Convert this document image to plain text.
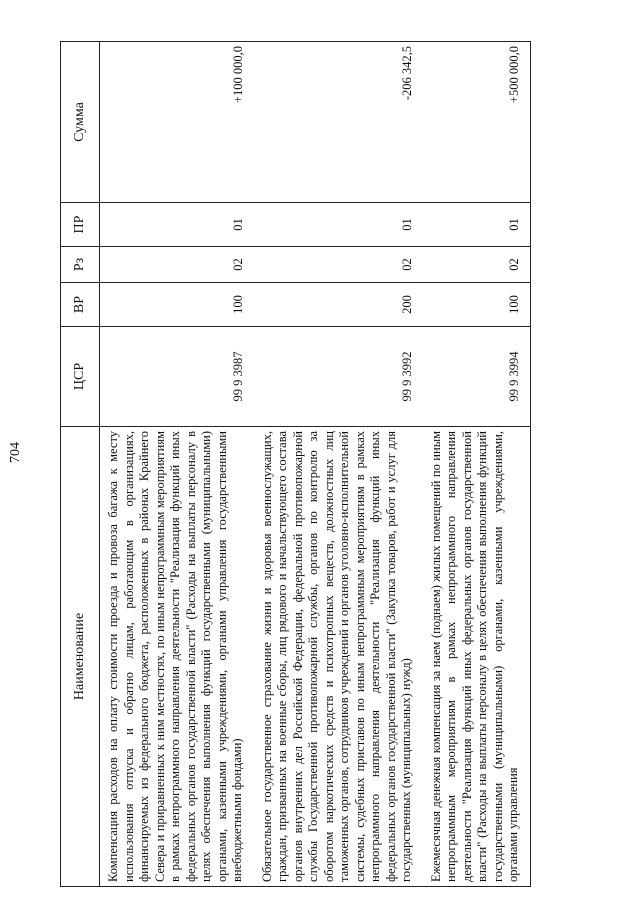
704
Наименование	ЦСР	ВР	Рз	ПР	Сумма
Компенсация расходов на оплату стоимости проезда и провоза багажа к месту использования отпуска и обратно лицам, работающим в организациях, финансируемых из федерального бюджета, расположенных в районах Крайнего Севера и приравненных к ним местностях, по иным непрограммным мероприятиям в рамках непрограммного направления деятельности "Реализация функций иных федеральных органов государственной власти" (Расходы на выплаты персоналу в целях обеспечения выполнения функций государственными (муниципальными) органами, казенными учреждениями, органами управления государственными внебюджетными фондами)	99 9 3987	100	02	01	+100 000,0
Обязательное государственное страхование жизни и здоровья военнослужащих, граждан, призванных на военные сборы, лиц рядового и начальствующего состава органов внутренних дел Российской Федерации, федеральной противопожарной службы Государственной противопожарной службы, органов по контролю за оборотом наркотических средств и психотропных веществ, должностных лиц таможенных органов, сотрудников учреждений и органов уголовно-исполнительной системы, судебных приставов по иным непрограммным мероприятиям в рамках непрограммного направления деятельности "Реализация функций иных федеральных органов государственной власти" (Закупка товаров, работ и услуг для государственных (муниципальных) нужд)	99 9 3992	200	02	01	-206 342,5
Ежемесячная денежная компенсация за наем (поднаем) жилых помещений по иным непрограммным мероприятиям в рамках непрограммного направления деятельности "Реализация функций иных федеральных органов государственной власти" (Расходы на выплаты персоналу в целях обеспечения выполнения функций государственными (муниципальными) органами, казенными учреждениями, органами управления	99 9 3994	100	02	01	+500 000,0
